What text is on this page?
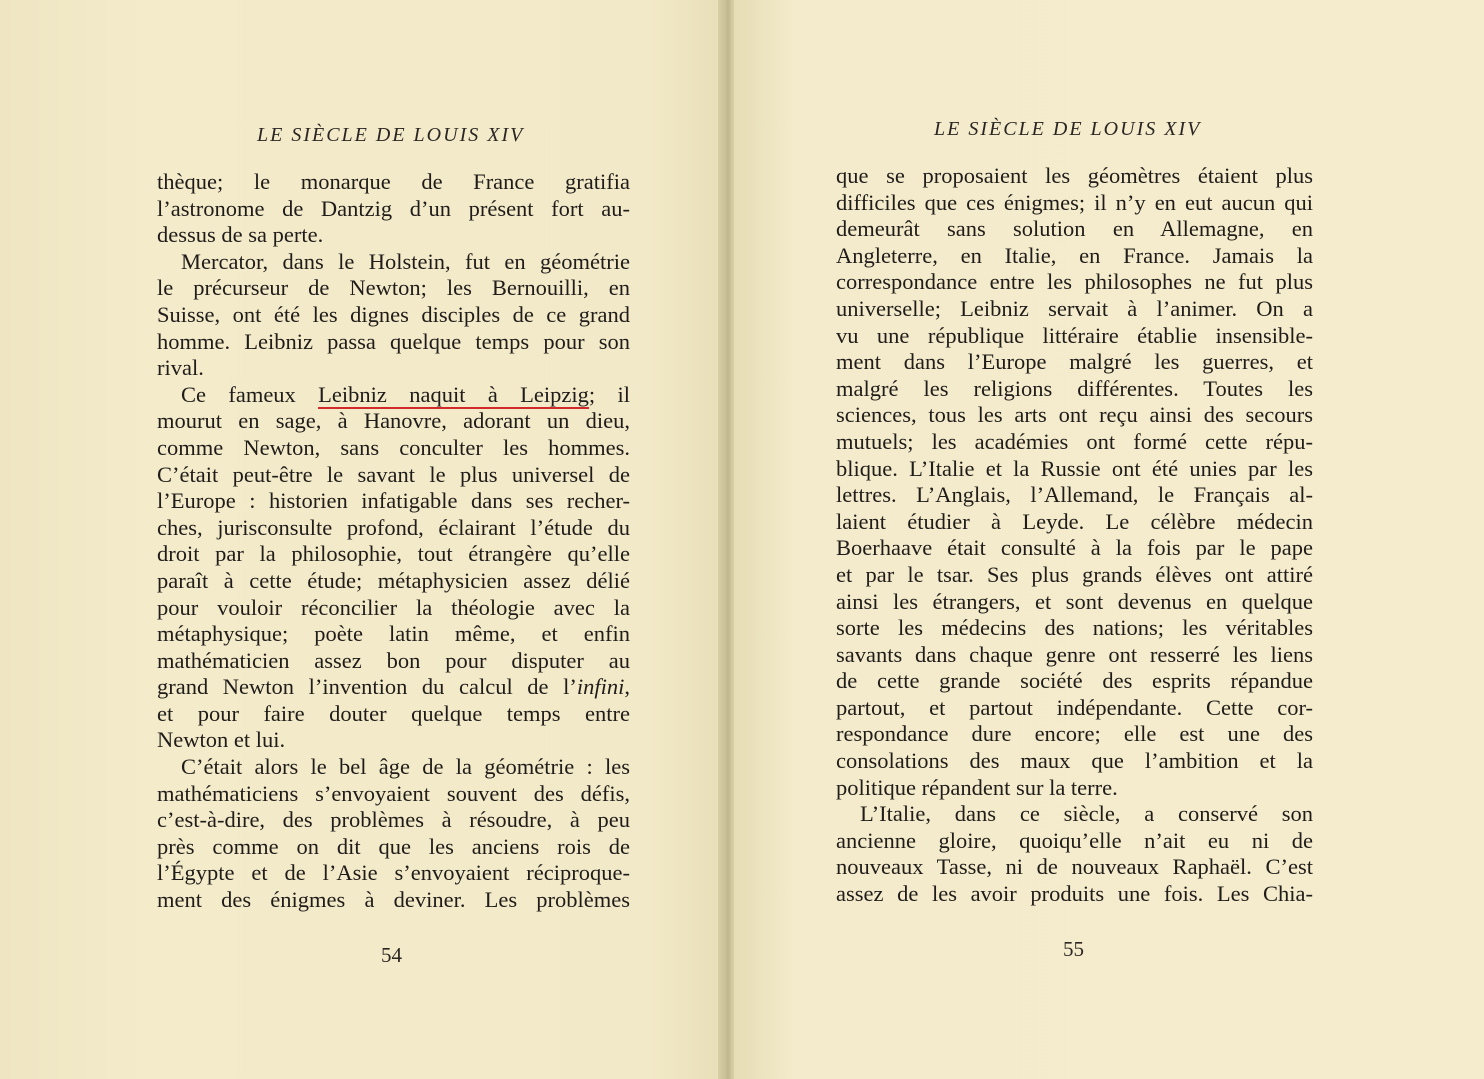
LE SIÈCLE DE LOUIS XIV
thèque; le monarque de France gratifia
l’astronome de Dantzig d’un présent fort au-
dessus de sa perte.
Mercator, dans le Holstein, fut en géométrie
le précurseur de Newton; les Bernouilli, en
Suisse, ont été les dignes disciples de ce grand
homme. Leibniz passa quelque temps pour son
rival.
Ce fameux Leibniz naquit à Leipzig; il
mourut en sage, à Hanovre, adorant un dieu,
comme Newton, sans conculter les hommes.
C’était peut-être le savant le plus universel de
l’Europe : historien infatigable dans ses recher-
ches, jurisconsulte profond, éclairant l’étude du
droit par la philosophie, tout étrangère qu’elle
paraît à cette étude; métaphysicien assez délié
pour vouloir réconcilier la théologie avec la
métaphysique; poète latin même, et enfin
mathématicien assez bon pour disputer au
grand Newton l’invention du calcul de l’infini,
et pour faire douter quelque temps entre
Newton et lui.
C’était alors le bel âge de la géométrie : les
mathématiciens s’envoyaient souvent des défis,
c’est-à-dire, des problèmes à résoudre, à peu
près comme on dit que les anciens rois de
l’Égypte et de l’Asie s’envoyaient réciproque-
ment des énigmes à deviner. Les problèmes
54
LE SIÈCLE DE LOUIS XIV
que se proposaient les géomètres étaient plus
difficiles que ces énigmes; il n’y en eut aucun qui
demeurât sans solution en Allemagne, en
Angleterre, en Italie, en France. Jamais la
correspondance entre les philosophes ne fut plus
universelle; Leibniz servait à l’animer. On a
vu une république littéraire établie insensible-
ment dans l’Europe malgré les guerres, et
malgré les religions différentes. Toutes les
sciences, tous les arts ont reçu ainsi des secours
mutuels; les académies ont formé cette répu-
blique. L’Italie et la Russie ont été unies par les
lettres. L’Anglais, l’Allemand, le Français al-
laient étudier à Leyde. Le célèbre médecin
Boerhaave était consulté à la fois par le pape
et par le tsar. Ses plus grands élèves ont attiré
ainsi les étrangers, et sont devenus en quelque
sorte les médecins des nations; les véritables
savants dans chaque genre ont resserré les liens
de cette grande société des esprits répandue
partout, et partout indépendante. Cette cor-
respondance dure encore; elle est une des
consolations des maux que l’ambition et la
politique répandent sur la terre.
L’Italie, dans ce siècle, a conservé son
ancienne gloire, quoiqu’elle n’ait eu ni de
nouveaux Tasse, ni de nouveaux Raphaël. C’est
assez de les avoir produits une fois. Les Chia-
55
